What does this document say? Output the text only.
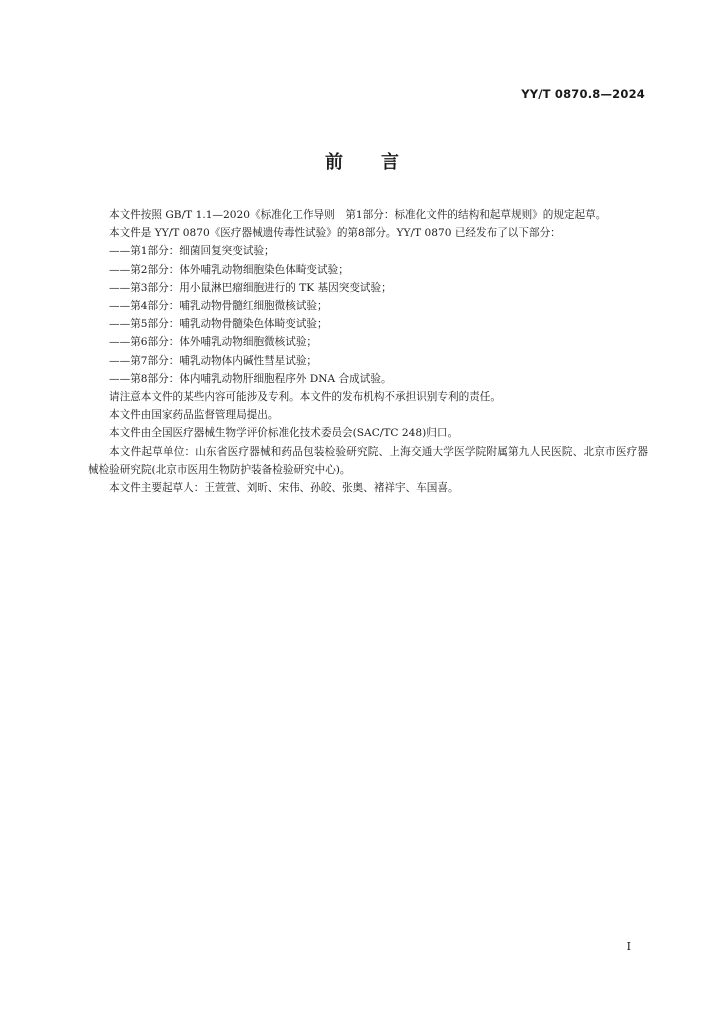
YY/T 0870.8—2024
前言

本文件按照 GB/T 1.1—2020《标准化工作导则　第1部分：标准化文件的结构和起草规则》的规定起草。

本文件是 YY/T 0870《医疗器械遗传毒性试验》的第8部分。YY/T 0870 已经发布了以下部分：

——第1部分：细菌回复突变试验；

——第2部分：体外哺乳动物细胞染色体畸变试验；

——第3部分：用小鼠淋巴瘤细胞进行的 TK 基因突变试验；

——第4部分：哺乳动物骨髓红细胞微核试验；

——第5部分：哺乳动物骨髓染色体畸变试验；

——第6部分：体外哺乳动物细胞微核试验；

——第7部分：哺乳动物体内碱性彗星试验；

——第8部分：体内哺乳动物肝细胞程序外 DNA 合成试验。

请注意本文件的某些内容可能涉及专利。本文件的发布机构不承担识别专利的责任。

本文件由国家药品监督管理局提出。

本文件由全国医疗器械生物学评价标准化技术委员会(SAC/TC 248)归口。

本文件起草单位：山东省医疗器械和药品包装检验研究院、上海交通大学医学院附属第九人民医院、北京市医疗器械检验研究院(北京市医用生物防护装备检验研究中心)。

本文件主要起草人：王萱萱、刘昕、宋伟、孙皎、张奥、褚祥宇、车国喜。

I
